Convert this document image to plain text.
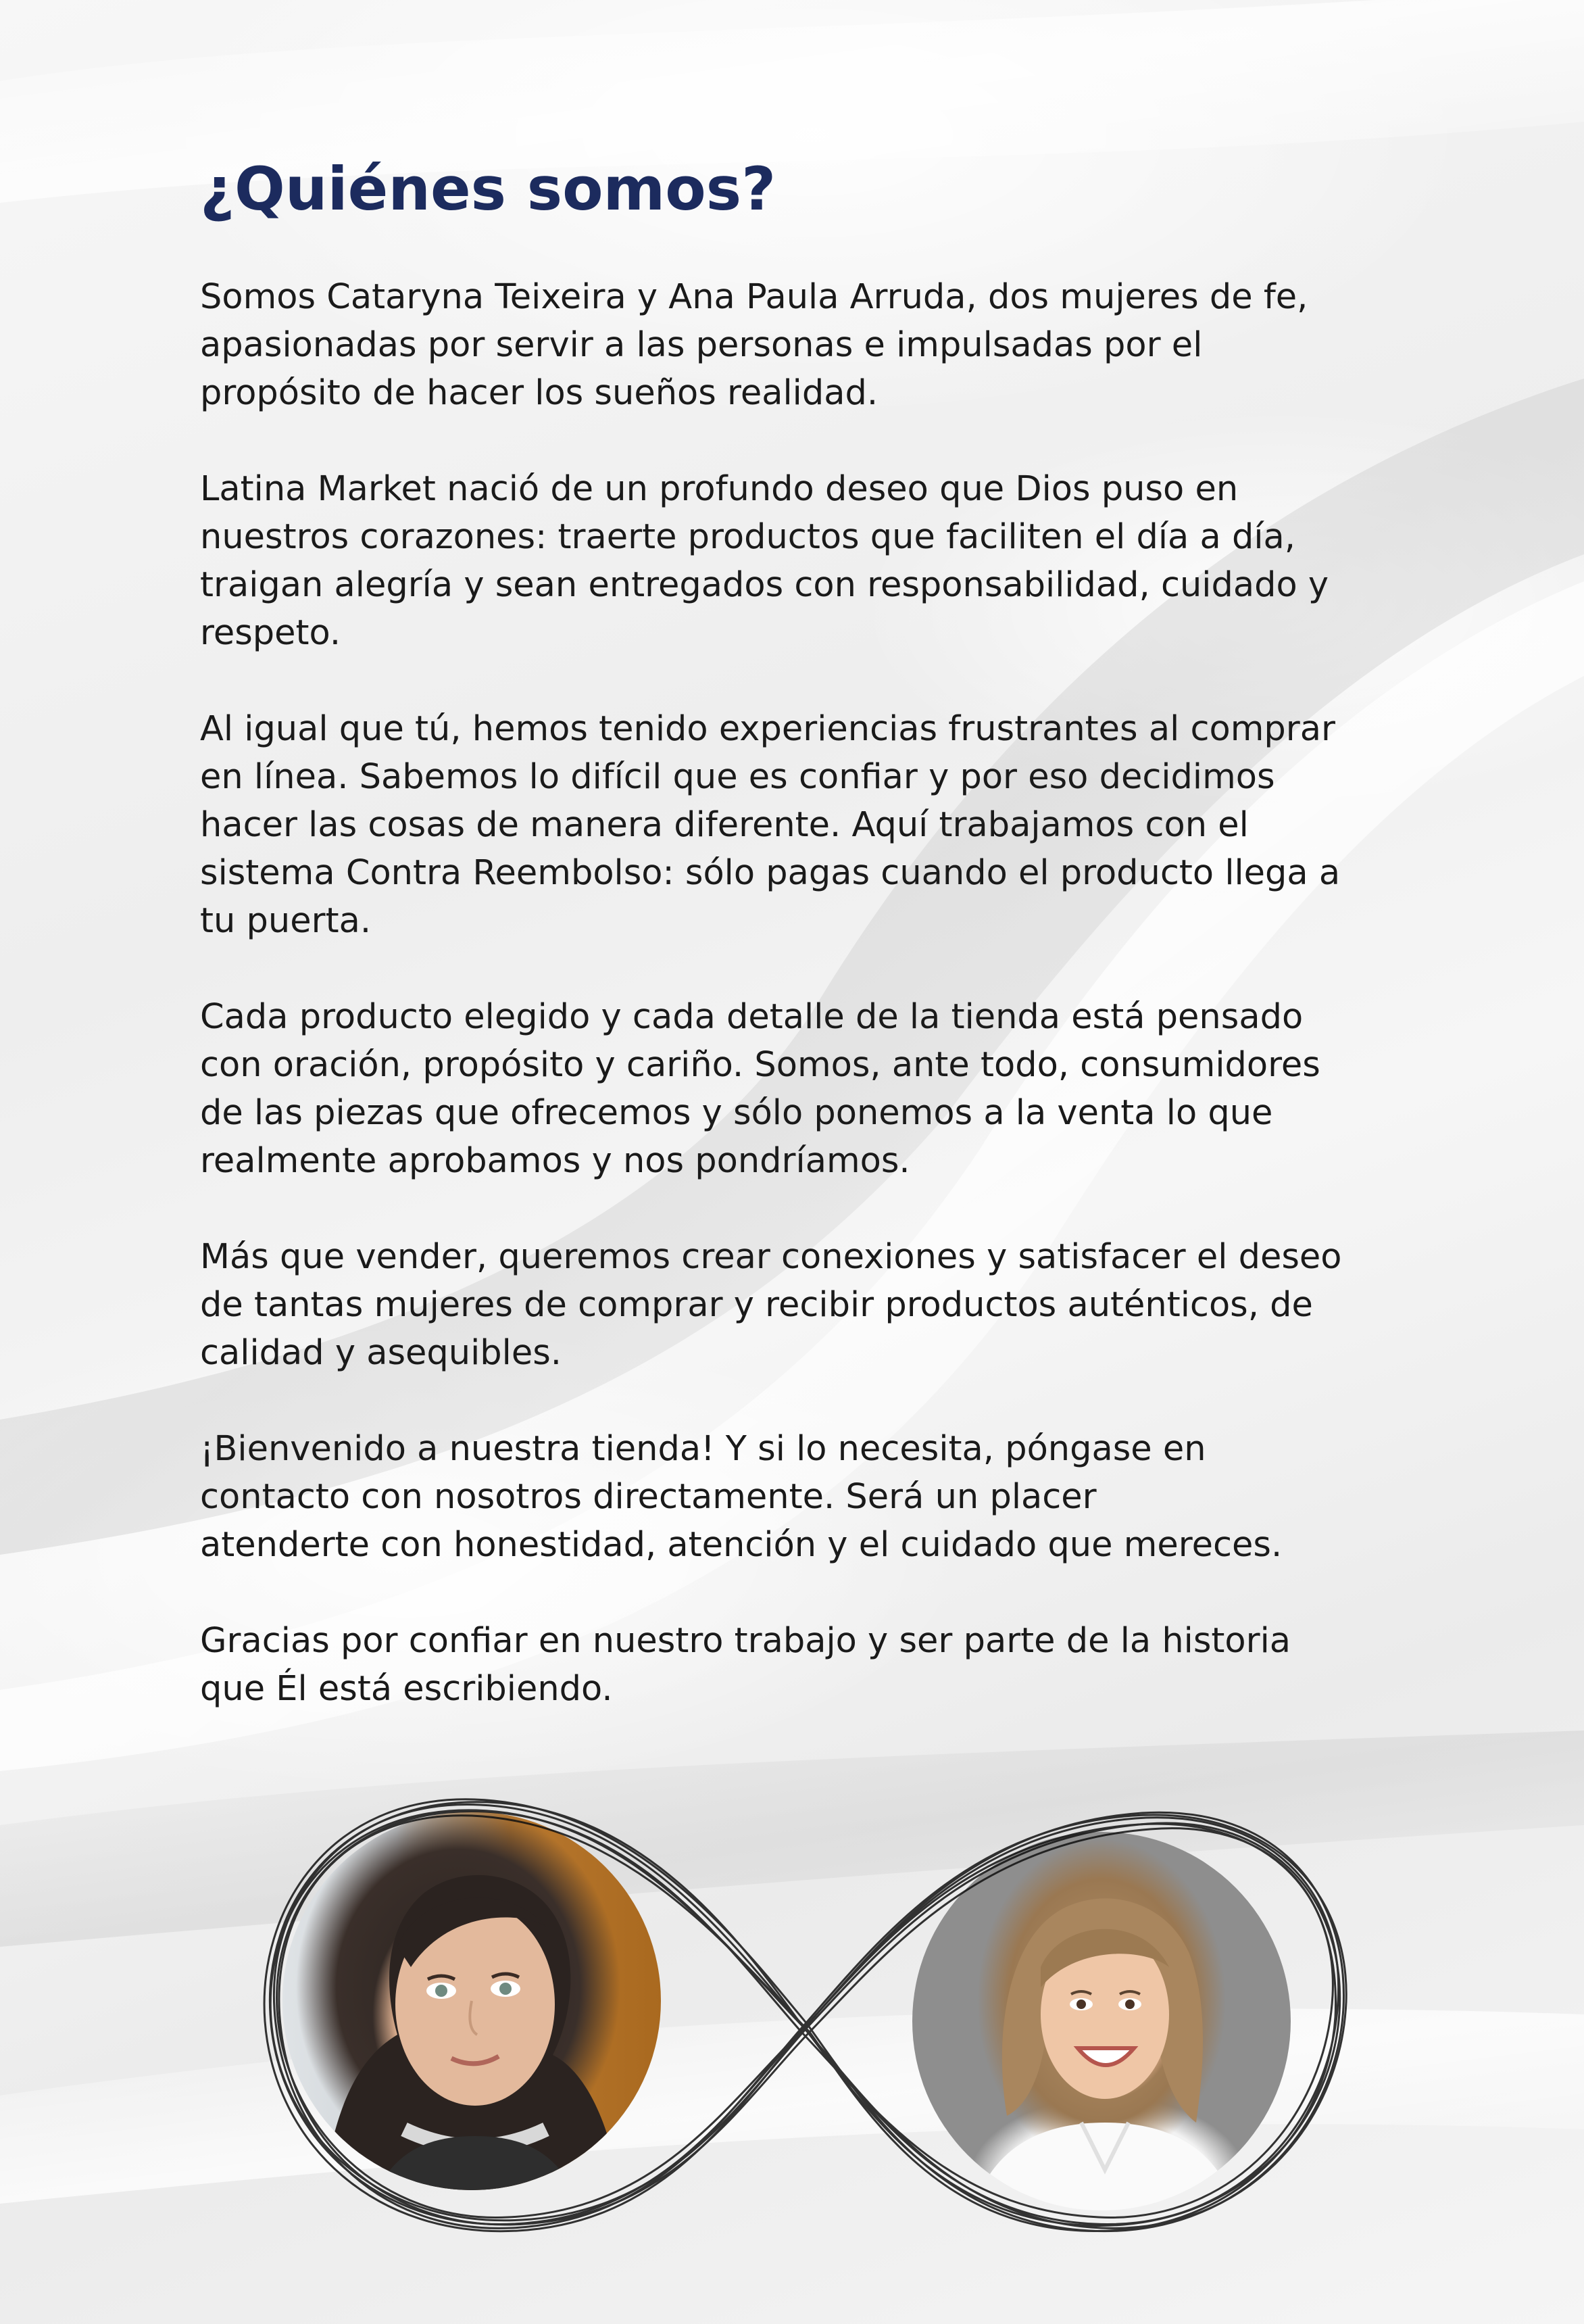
¿Quiénes somos?

Somos Cataryna Teixeira y Ana Paula Arruda, dos mujeres de fe,
apasionadas por servir a las personas e impulsadas por el
propósito de hacer los sueños realidad.

Latina Market nació de un profundo deseo que Dios puso en
nuestros corazones: traerte productos que faciliten el día a día,
traigan alegría y sean entregados con responsabilidad, cuidado y
respeto.

Al igual que tú, hemos tenido experiencias frustrantes al comprar
en línea. Sabemos lo difícil que es confiar y por eso decidimos
hacer las cosas de manera diferente. Aquí trabajamos con el
sistema Contra Reembolso: sólo pagas cuando el producto llega a
tu puerta.

Cada producto elegido y cada detalle de la tienda está pensado
con oración, propósito y cariño. Somos, ante todo, consumidores
de las piezas que ofrecemos y sólo ponemos a la venta lo que
realmente aprobamos y nos pondríamos.

Más que vender, queremos crear conexiones y satisfacer el deseo
de tantas mujeres de comprar y recibir productos auténticos, de
calidad y asequibles.

¡Bienvenido a nuestra tienda! Y si lo necesita, póngase en
contacto con nosotros directamente. Será un placer
atenderte con honestidad, atención y el cuidado que mereces.

Gracias por confiar en nuestro trabajo y ser parte de la historia
que Él está escribiendo.
